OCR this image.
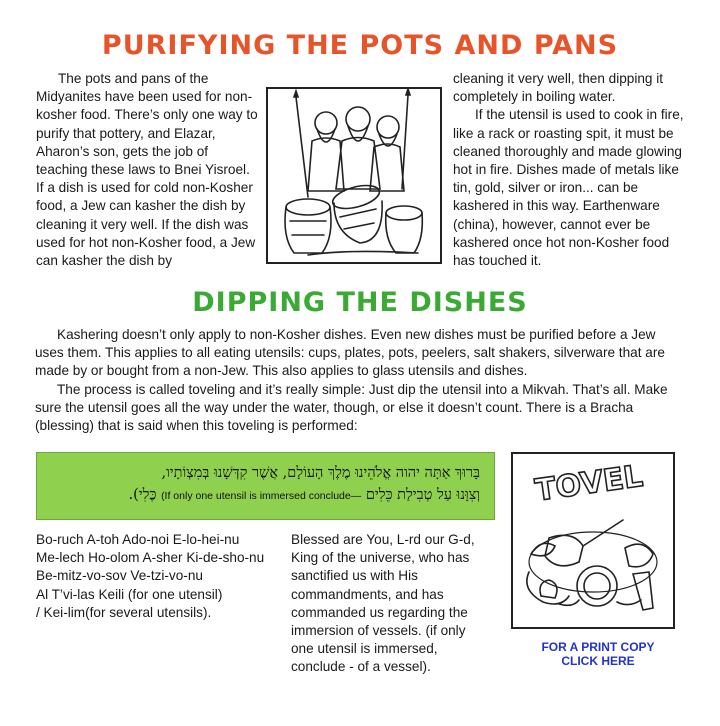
PURIFYING THE POTS AND PANS

The pots and pans of the Midyanites have been used for non-kosher food. There’s only one way to purify that pottery, and Elazar, Aharon’s son, gets the job of teaching these laws to Bnei Yisroel. If a dish is used for cold non-Kosher food, a Jew can kasher the dish by cleaning it very well. If the dish was used for hot non-Kosher food, a Jew can kasher the dish by

cleaning it very well, then dipping it completely in boiling water.

If the utensil is used to cook in fire, like a rack or roasting spit, it must be cleaned thoroughly and made glowing hot in fire. Dishes made of metals like tin, gold, silver or iron... can be kashered in this way. Earthenware (china), however, cannot ever be kashered once hot non-Kosher food has touched it.

DIPPING THE DISHES

Kashering doesn’t only apply to non-Kosher dishes. Even new dishes must be purified before a Jew uses them. This applies to all eating utensils: cups, plates, pots, peelers, salt shakers, silverware that are made by or bought from a non-Jew. This also applies to glass utensils and dishes.

The process is called toveling and it’s really simple: Just dip the utensil into a Mikvah. That’s all. Make sure the utensil goes all the way under the water, though, or else it doesn’t count. There is a Bracha (blessing) that is said when this toveling is performed:

בָּרוּךְ אַתָּה יהוה אֱלֹהֵינוּ מֶלֶךְ הָעוֹלָם, אֲשֶׁר קִדְּשָׁנוּ בְּמִצְוֹתָיו,
וְצִוָּנוּ עַל טְבִילַת כֵּלִים (If only one utensil is immersed conclude— כֶּלִי).
Bo-ruch A-toh Ado-noi E-lo-hei-nu
Me-lech Ho-olom A-sher Ki-de-sho-nu
Be-mitz-vo-sov Ve-tzi-vo-nu
Al T’vi-las Keili (for one utensil)
/ Kei-lim(for several utensils).
Blessed are You, L-rd our G-d, King of the universe, who has sanctified us with His commandments, and has commanded us regarding the immersion of vessels. (if only one utensil is immersed, conclude - of a vessel).
TOVEL
FOR A PRINT COPY
CLICK HERE
